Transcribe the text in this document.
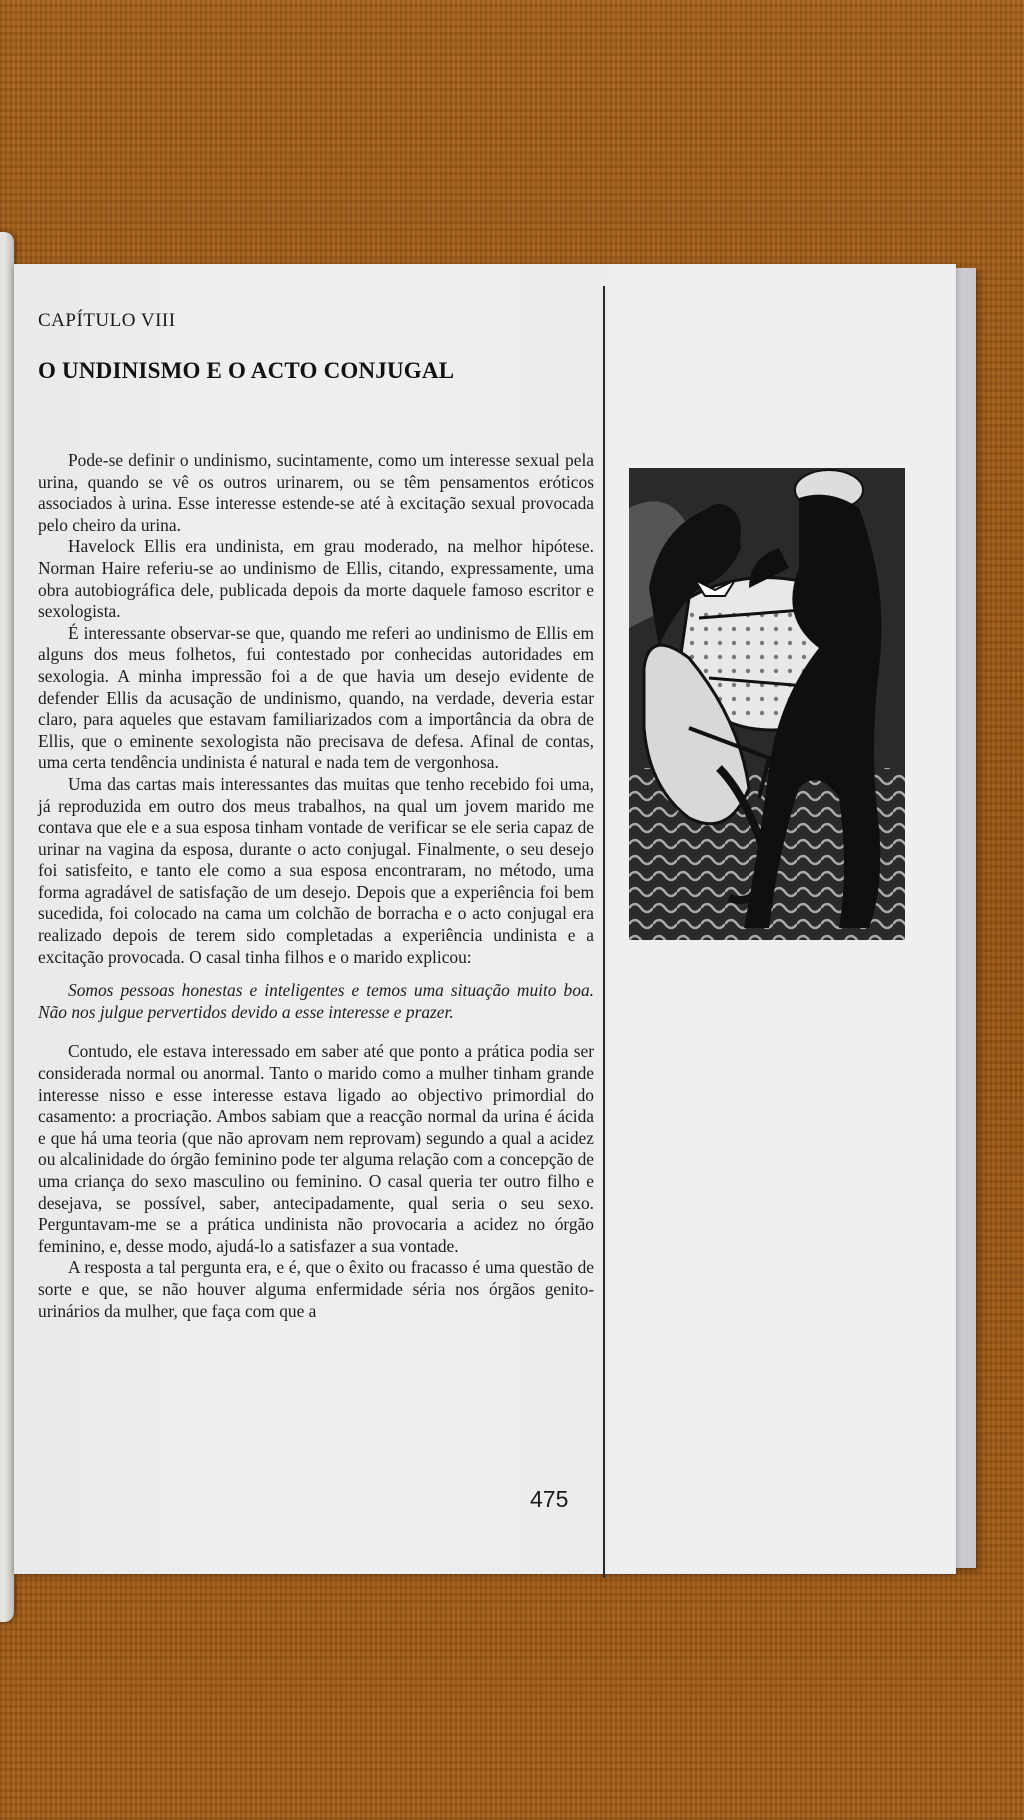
CAPÍTULO VIII
O UNDINISMO E O ACTO CONJUGAL

Pode-se definir o undinismo, sucintamente, como um interesse sexual pela urina, quando se vê os outros urinarem, ou se têm pensamentos eróticos associados à urina. Esse interesse estende-se até à excitação sexual provocada pelo cheiro da urina.

Havelock Ellis era undinista, em grau moderado, na melhor hipótese. Norman Haire referiu-se ao undinismo de Ellis, citando, expressamente, uma obra autobiográfica dele, publicada depois da morte daquele famoso escritor e sexologista.

É interessante observar-se que, quando me referi ao undinismo de Ellis em alguns dos meus folhetos, fui contestado por conhecidas autoridades em sexologia. A minha impressão foi a de que havia um desejo evidente de defender Ellis da acusação de undinismo, quando, na verdade, deveria estar claro, para aqueles que estavam familiarizados com a importância da obra de Ellis, que o eminente sexologista não precisava de defesa. Afinal de contas, uma certa tendência undinista é natural e nada tem de vergonhosa.

Uma das cartas mais interessantes das muitas que tenho recebido foi uma, já reproduzida em outro dos meus trabalhos, na qual um jovem marido me contava que ele e a sua esposa tinham vontade de verificar se ele seria capaz de urinar na vagina da esposa, durante o acto conjugal. Finalmente, o seu desejo foi satisfeito, e tanto ele como a sua esposa encontraram, no método, uma forma agradável de satisfação de um desejo. Depois que a experiência foi bem sucedida, foi colocado na cama um colchão de borracha e o acto conjugal era realizado depois de terem sido completadas a experiência undinista e a excitação provocada. O casal tinha filhos e o marido explicou:

Somos pessoas honestas e inteligentes e temos uma situação muito boa. Não nos julgue pervertidos devido a esse interesse e prazer.

Contudo, ele estava interessado em saber até que ponto a prática podia ser considerada normal ou anormal. Tanto o marido como a mulher tinham grande interesse nisso e esse interesse estava ligado ao objectivo primordial do casamento: a procriação. Ambos sabiam que a reacção normal da urina é ácida e que há uma teoria (que não aprovam nem reprovam) segundo a qual a acidez ou alcalinidade do órgão feminino pode ter alguma relação com a concepção de uma criança do sexo masculino ou feminino. O casal queria ter outro filho e desejava, se possível, saber, antecipadamente, qual seria o seu sexo. Perguntavam-me se a prática undinista não provocaria a acidez no órgão feminino, e, desse modo, ajudá-lo a satisfazer a sua vontade.

A resposta a tal pergunta era, e é, que o êxito ou fracasso é uma questão de sorte e que, se não houver alguma enfermidade séria nos órgãos genito-urinários da mulher, que faça com que a

475
